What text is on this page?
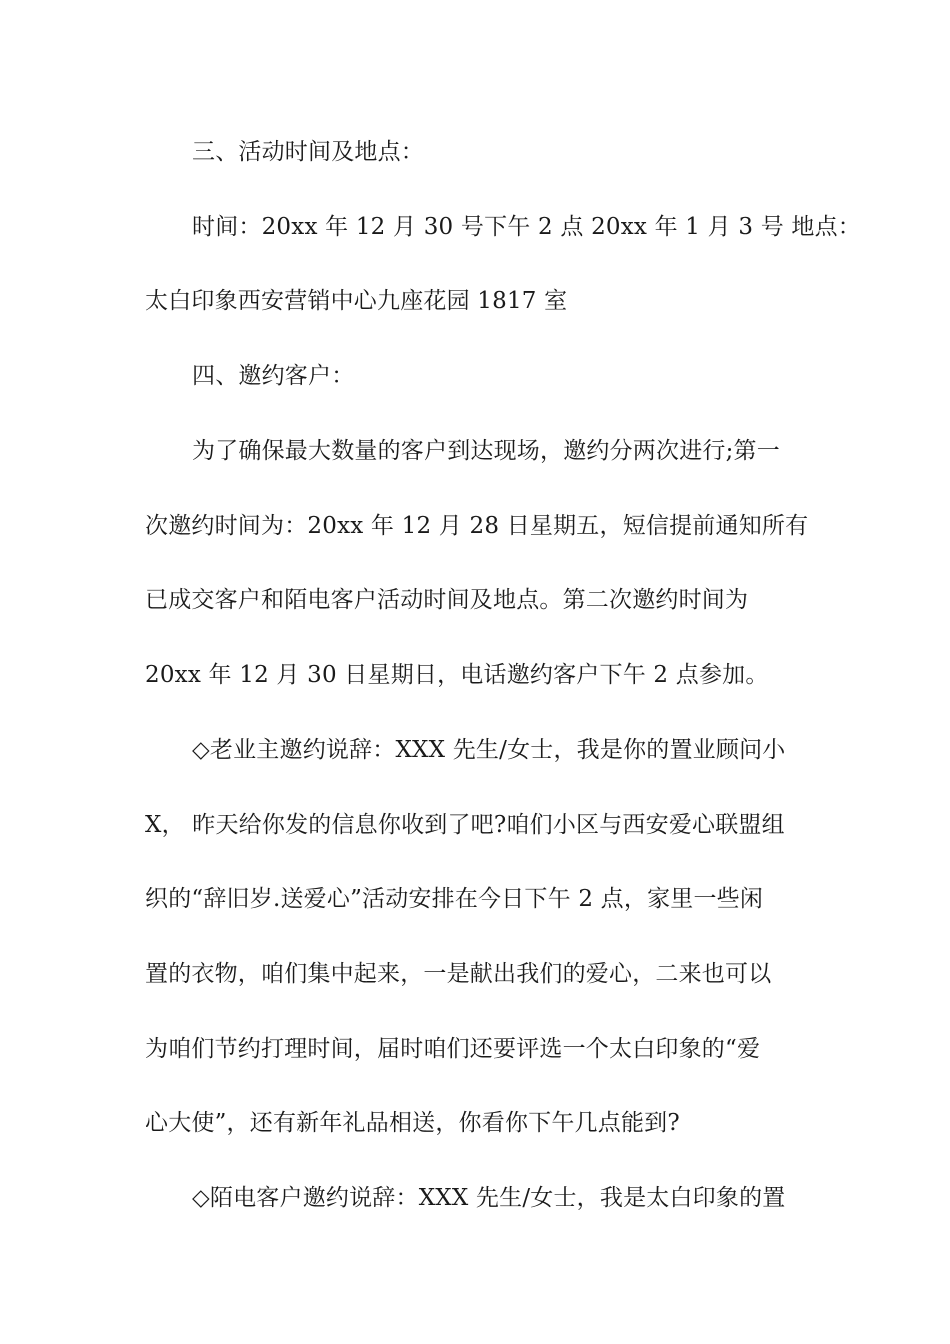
三、活动时间及地点：
时间：20xx 年 12 月 30 号下午 2 点 20xx 年 1 月 3 号 地点：
太白印象西安营销中心九座花园 1817 室
四、邀约客户：
为了确保最大数量的客户到达现场，邀约分两次进行;第一
次邀约时间为：20xx 年 12 月 28 日星期五，短信提前通知所有
已成交客户和陌电客户活动时间及地点。第二次邀约时间为
20xx 年 12 月 30 日星期日，电话邀约客户下午 2 点参加。
◇老业主邀约说辞：XXX 先生/女士，我是你的置业顾问小
X， 昨天给你发的信息你收到了吧?咱们小区与西安爱心联盟组
织的“辞旧岁.送爱心”活动安排在今日下午 2 点，家里一些闲
置的衣物，咱们集中起来，一是献出我们的爱心，二来也可以
为咱们节约打理时间，届时咱们还要评选一个太白印象的“爱
心大使”，还有新年礼品相送，你看你下午几点能到?
◇陌电客户邀约说辞：XXX 先生/女士，我是太白印象的置
